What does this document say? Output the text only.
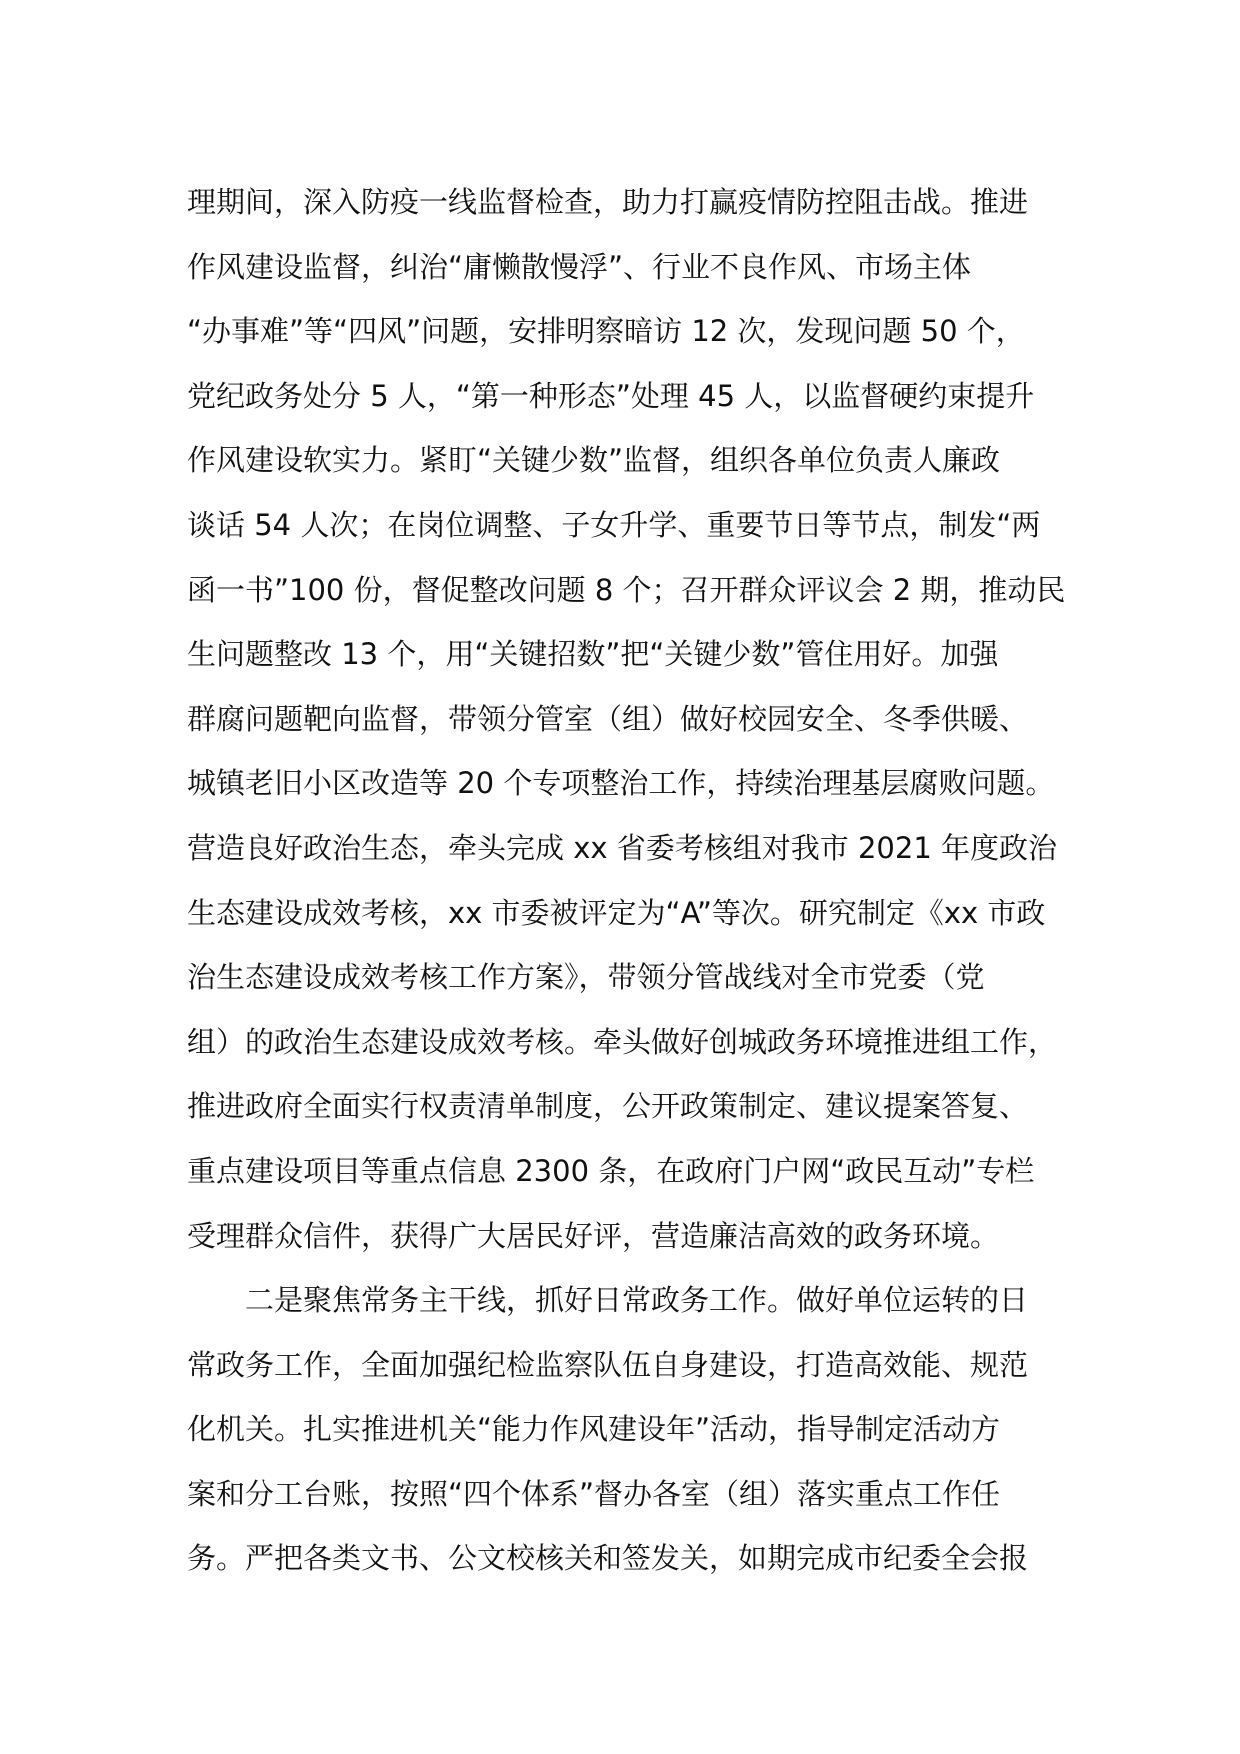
理期间，深入防疫一线监督检查，助力打赢疫情防控阻击战。推进
作风建设监督，纠治“庸懒散慢浮”、行业不良作风、市场主体
“办事难”等“四风”问题，安排明察暗访 12 次，发现问题 50 个，
党纪政务处分 5 人，“第一种形态”处理 45 人，以监督硬约束提升
作风建设软实力。紧盯“关键少数”监督，组织各单位负责人廉政
谈话 54 人次；在岗位调整、子女升学、重要节日等节点，制发“两
函一书”100 份，督促整改问题 8 个；召开群众评议会 2 期，推动民
生问题整改 13 个，用“关键招数”把“关键少数”管住用好。加强
群腐问题靶向监督，带领分管室（组）做好校园安全、冬季供暖、
城镇老旧小区改造等 20 个专项整治工作，持续治理基层腐败问题。
营造良好政治生态，牵头完成 xx 省委考核组对我市 2021 年度政治
生态建设成效考核，xx 市委被评定为“A”等次。研究制定《xx 市政
治生态建设成效考核工作方案》，带领分管战线对全市党委（党
组）的政治生态建设成效考核。牵头做好创城政务环境推进组工作，
推进政府全面实行权责清单制度，公开政策制定、建议提案答复、
重点建设项目等重点信息 2300 条，在政府门户网“政民互动”专栏
受理群众信件，获得广大居民好评，营造廉洁高效的政务环境。
二是聚焦常务主干线，抓好日常政务工作。做好单位运转的日
常政务工作，全面加强纪检监察队伍自身建设，打造高效能、规范
化机关。扎实推进机关“能力作风建设年”活动，指导制定活动方
案和分工台账，按照“四个体系”督办各室（组）落实重点工作任
务。严把各类文书、公文校核关和签发关，如期完成市纪委全会报
